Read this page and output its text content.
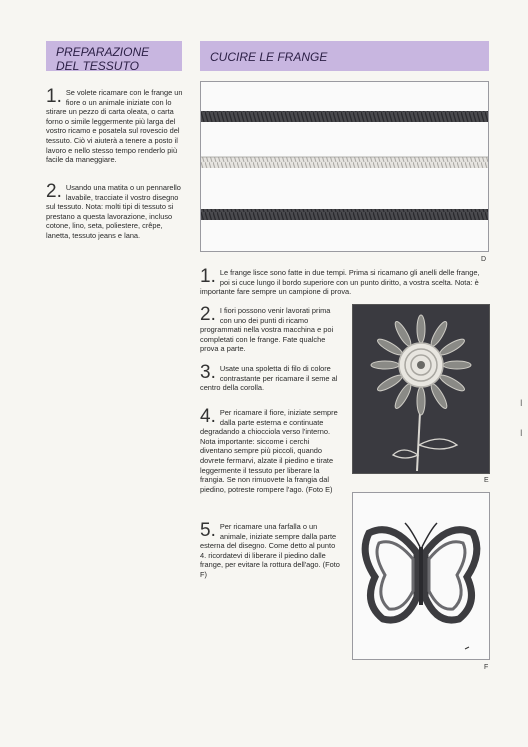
PREPARAZIONE DEL TESSUTO
CUCIRE LE FRANGE
1. Se volete ricamare con le frange un fiore o un animale iniziate con lo stirare un pezzo di carta oleata, o carta forno o simile leggermente più larga del vostro ricamo e posatela sul rovescio del tessuto. Ciò vi aiuterà a tenere a posto il lavoro e nello stesso tempo renderlo più facile da maneggiare.
2. Usando una matita o un pennarello lavabile, tracciate il vostro disegno sul tessuto. Nota: molti tipi di tessuto si prestano a questa lavorazione, incluso cotone, lino, seta, poliestere, crêpe, lanetta, tessuto jeans e lana.
D
1. Le frange lisce sono fatte in due tempi. Prima si ricamano gli anelli delle frange, poi si cuce lungo il bordo superiore con un punto diritto, a vostra scelta. Nota: è importante fare sempre un campione di prova.
2. I fiori possono venir lavorati prima con uno dei punti di ricamo programmati nella vostra macchina e poi completati con le frange. Fate qualche prova a parte.
3. Usate una spoletta di filo di colore contrastante per ricamare il seme al centro della corolla.
4. Per ricamare il fiore, iniziate sempre dalla parte esterna e continuate degradando a chiocciola verso l'interno. Nota importante: siccome i cerchi diventano sempre più piccoli, quando dovrete fermarvi, alzate il piedino e tirate leggermente il tessuto per liberare la frangia. Se non rimuovete la frangia dal piedino, potreste rompere l'ago. (Foto E)
5. Per ricamare una farfalla o un animale, iniziate sempre dalla parte esterna del disegno. Come detto al punto 4. ricordatevi di liberare il piedino dalle frange, per evitare la rottura dell'ago. (Foto F)
E
F
I
I
